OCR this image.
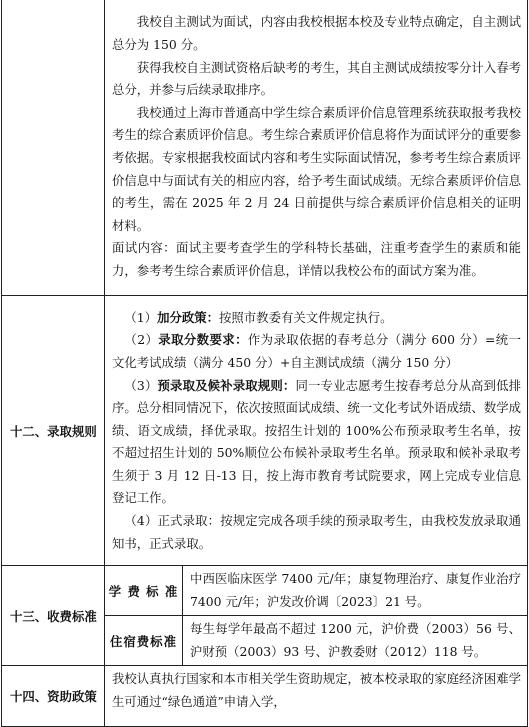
	我校自主测试为面试，内容由我校根据本校及专业特点确定，自主测试总分为 150 分。

获得我校自主测试资格后缺考的考生，其自主测试成绩按零分计入春考总分，并参与后续录取排序。

我校通过上海市普通高中学生综合素质评价信息管理系统获取报考我校考生的综合素质评价信息。考生综合素质评价信息将作为面试评分的重要参考依据。专家根据我校面试内容和考生实际面试情况，参考考生综合素质评价信息中与面试有关的相应内容，给予考生面试成绩。无综合素质评价信息的考生，需在 2025 年 2 月 24 日前提供与综合素质评价信息相关的证明材料。

面试内容：面试主要考查学生的学科特长基础，注重考查学生的素质和能力，参考考生综合素质评价信息，详情以我校公布的面试方案为准。	

十二、录取规则	（1）加分政策：按照市教委有关文件规定执行。

（2）录取分数要求：作为录取依据的春考总分（满分 600 分）=统一文化考试成绩（满分 450 分）+自主测试成绩（满分 150 分）

（3）预录取及候补录取规则：同一专业志愿考生按春考总分从高到低排序。总分相同情况下，依次按照面试成绩、统一文化考试外语成绩、数学成绩、语文成绩，择优录取。按招生计划的 100%公布预录取考生名单，按不超过招生计划的 50%顺位公布候补录取考生名单。预录取和候补录取考生须于 3 月 12 日-13 日，按上海市教育考试院要求，网上完成专业信息登记工作。

（4）正式录取：按规定完成各项手续的预录取考生，由我校发放录取通知书，正式录取。	

十三、收费标准	学 费 标 准	中西医临床医学 7400 元/年；康复物理治疗、康复作业治疗 7400 元/年；沪发改价调〔2023〕21 号。
	住宿费标准	每生每学年最高不超过 1200 元，沪价费（2003）56 号、沪财预（2003）93 号、沪教委财（2012）118 号。
十四、资助政策	我校认真执行国家和本市相关学生资助规定，被本校录取的家庭经济困难学生可通过“绿色通道”申请入学，	
